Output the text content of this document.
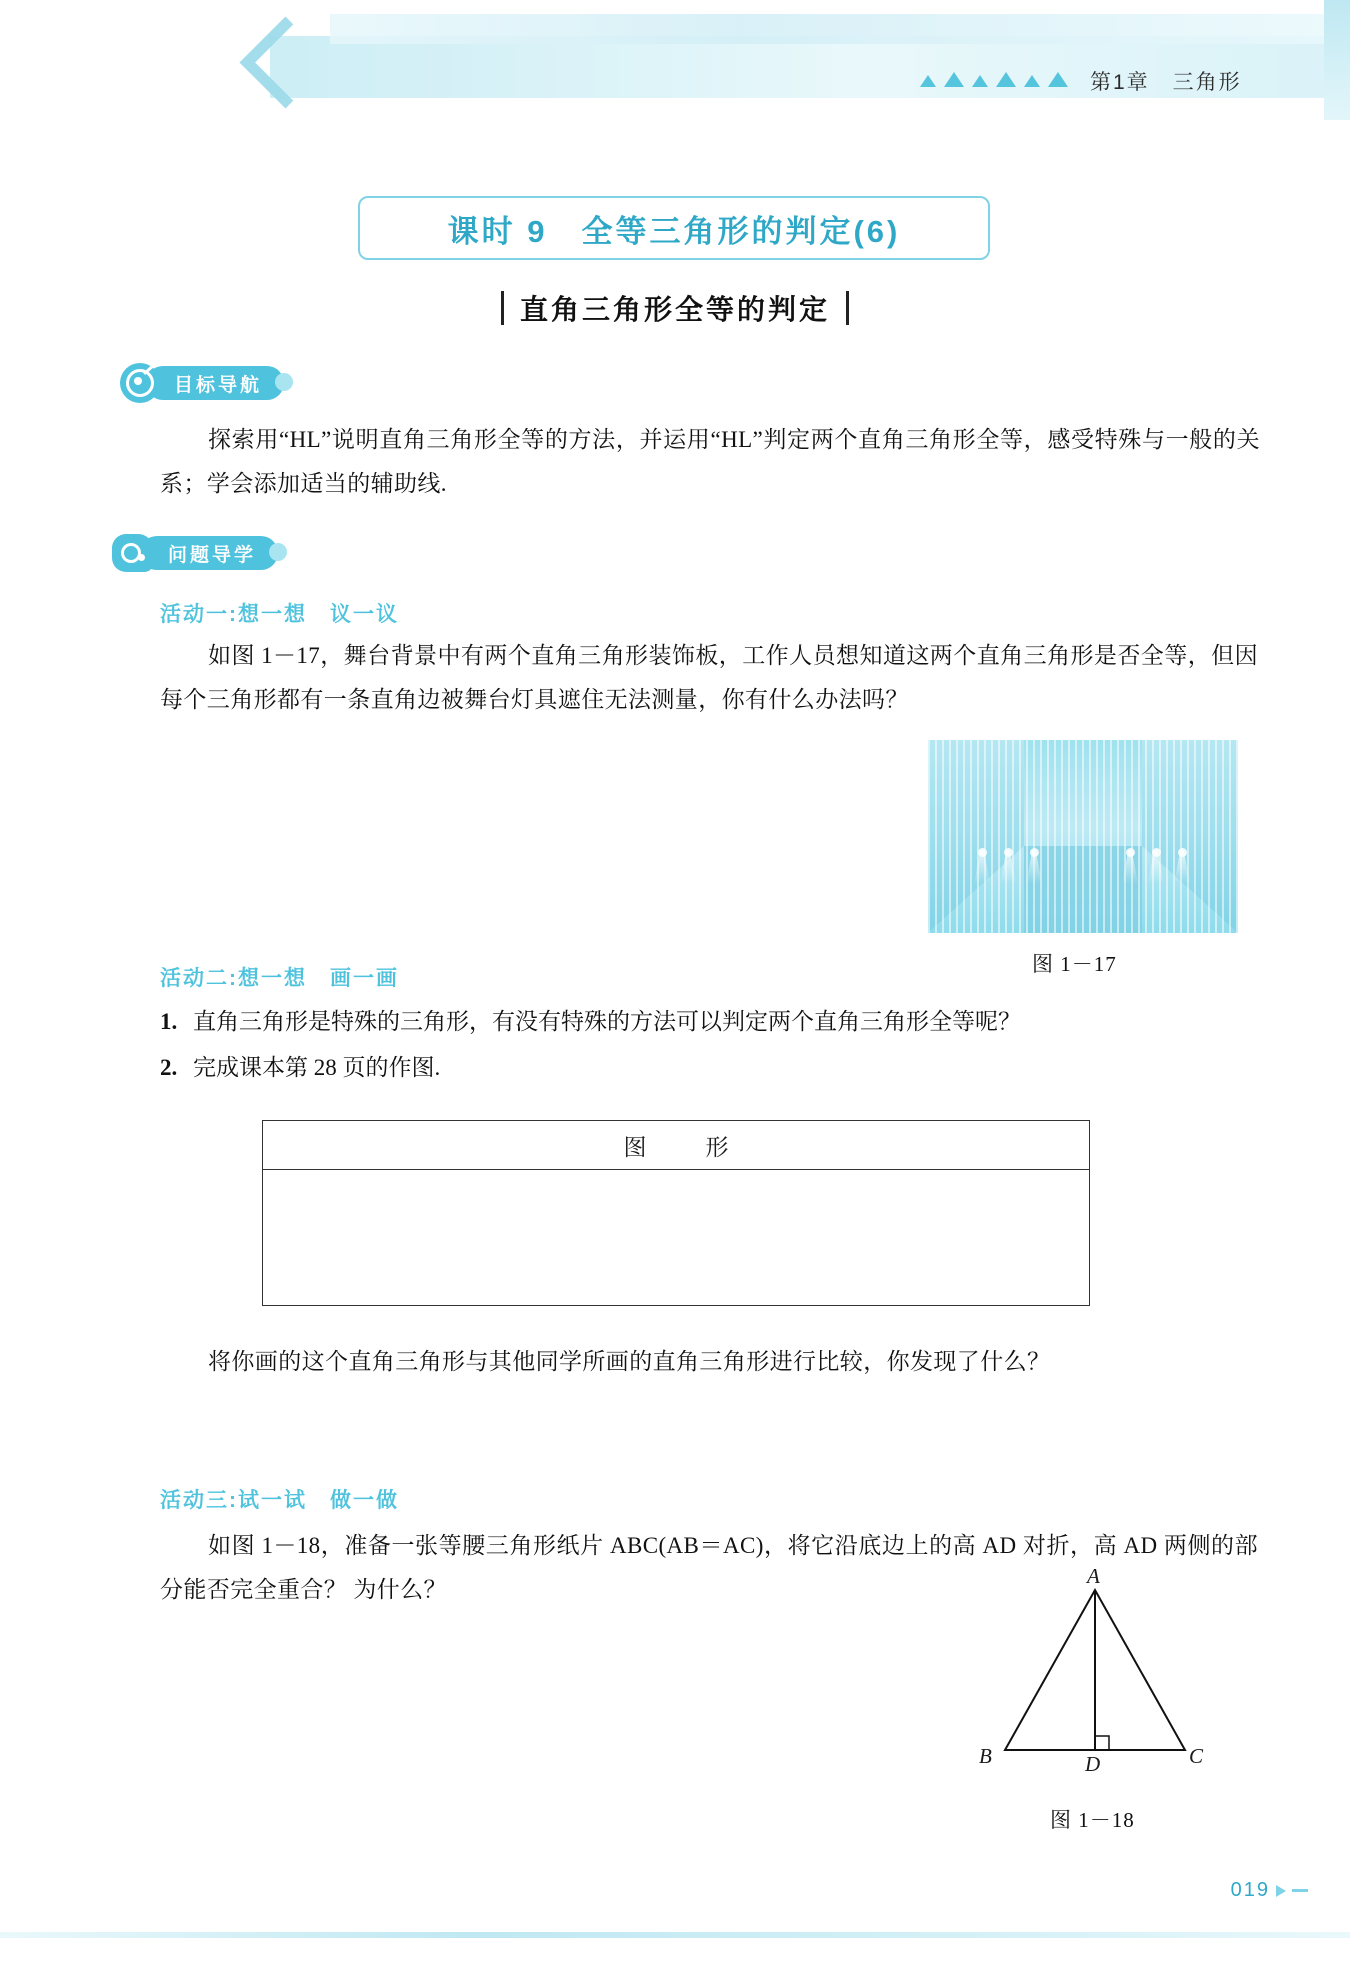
第1章　三角形
课时 9　全等三角形的判定(6)
直角三角形全等的判定
目标导航
探索用“HL”说明直角三角形全等的方法，并运用“HL”判定两个直角三角形全等，感受特殊与一般的关系；学会添加适当的辅助线.
问题导学
活动一:想一想　议一议
如图 1－17，舞台背景中有两个直角三角形装饰板，工作人员想知道这两个直角三角形是否全等，但因每个三角形都有一条直角边被舞台灯具遮住无法测量，你有什么办法吗？
图 1－17
活动二:想一想　画一画
1. 直角三角形是特殊的三角形，有没有特殊的方法可以判定两个直角三角形全等呢？
2. 完成课本第 28 页的作图.
图　形
将你画的这个直角三角形与其他同学所画的直角三角形进行比较，你发现了什么？
活动三:试一试　做一做
如图 1－18，准备一张等腰三角形纸片 ABC(AB＝AC)，将它沿底边上的高 AD 对折，高 AD 两侧的部分能否完全重合？ 为什么？
A
B	D	C
图 1－18
019
